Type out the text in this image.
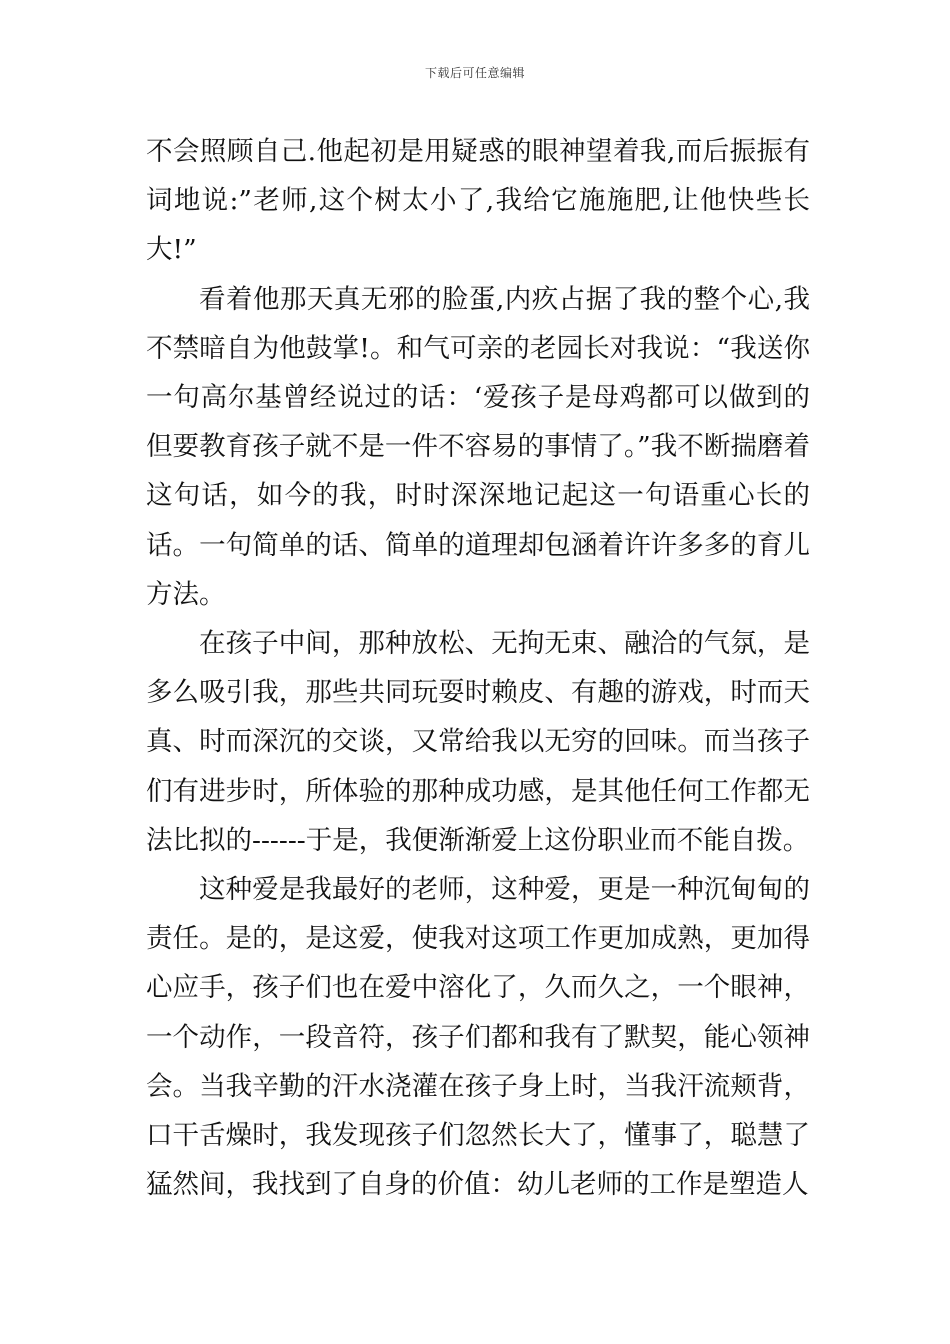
下载后可任意编辑

不会照顾自己.他起初是用疑惑的眼神望着我,而后振振有词地说:”老师,这个树太小了,我给它施施肥,让他快些长大!”

看着他那天真无邪的脸蛋,内疚占据了我的整个心,我不禁暗自为他鼓掌!。和气可亲的老园长对我说：“我送你一句高尔基曾经说过的话：‘爱孩子是母鸡都可以做到的但要教育孩子就不是一件不容易的事情了。”我不断揣磨着这句话，如今的我，时时深深地记起这一句语重心长的话。一句简单的话、简单的道理却包涵着许许多多的育儿方法。

在孩子中间，那种放松、无拘无束、融洽的气氛，是多么吸引我，那些共同玩耍时赖皮、有趣的游戏，时而天真、时而深沉的交谈，又常给我以无穷的回味。而当孩子们有进步时，所体验的那种成功感，是其他任何工作都无法比拟的------于是，我便渐渐爱上这份职业而不能自拨。

这种爱是我最好的老师，这种爱，更是一种沉甸甸的责任。是的，是这爱，使我对这项工作更加成熟，更加得心应手，孩子们也在爱中溶化了，久而久之，一个眼神，一个动作，一段音符，孩子们都和我有了默契，能心领神会。当我辛勤的汗水浇灌在孩子身上时，当我汗流颊背，口干舌燥时，我发现孩子们忽然长大了，懂事了，聪慧了猛然间，我找到了自身的价值：幼儿老师的工作是塑造人
